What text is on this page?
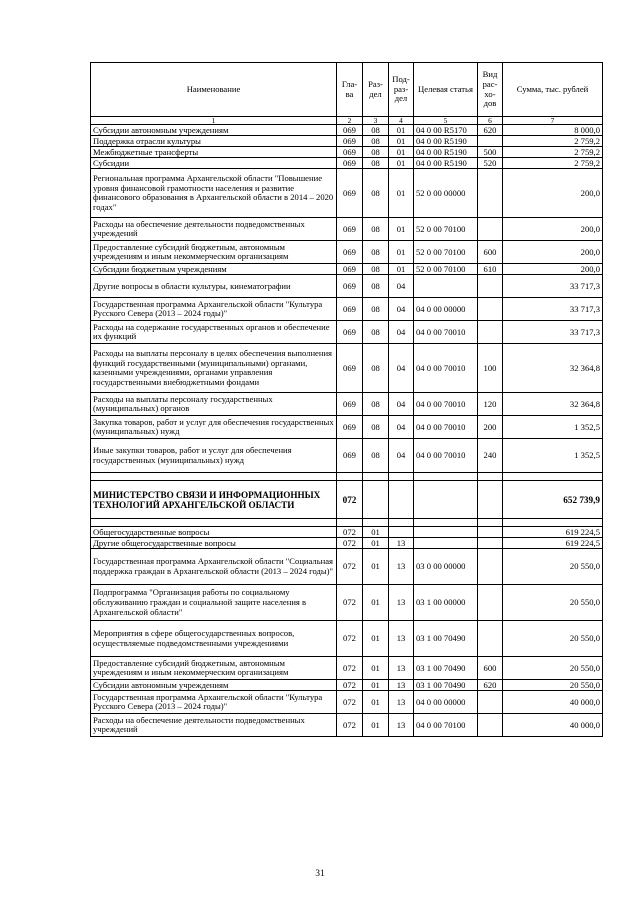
Наименование	Гла-ва	Раз-дел	Под-раз-дел	Целевая статья	Вид рас-хо-дов	Сумма, тыс. рублей
1	2	3	4	5	6	7
Субсидии автономным учреждениям	069	08	01	04 0 00 R5170	620	8 000,0
Поддержка отрасли культуры	069	08	01	04 0 00 R5190		2 759,2
Межбюджетные трансферты	069	08	01	04 0 00 R5190	500	2 759,2
Субсидии	069	08	01	04 0 00 R5190	520	2 759,2
Региональная программа Архангельской области "Повышение уровня финансовой грамотности населения и развитие финансового образования в Архангельской области в 2014 – 2020 годах"	069	08	01	52 0 00 00000		200,0
Расходы на обеспечение деятельности подведомственных учреждений	069	08	01	52 0 00 70100		200,0
Предоставление субсидий бюджетным, автономным учреждениям и иным некоммерческим организациям	069	08	01	52 0 00 70100	600	200,0
Субсидии бюджетным учреждениям	069	08	01	52 0 00 70100	610	200,0
Другие вопросы в области культуры, кинематографии	069	08	04			33 717,3
Государственная программа Архангельской области "Культура Русского Севера (2013 – 2024 годы)"	069	08	04	04 0 00 00000		33 717,3
Расходы на содержание государственных органов и обеспечение их функций	069	08	04	04 0 00 70010		33 717,3
Расходы на выплаты персоналу в целях обеспечения выполнения функций государственными (муниципальными) органами, казенными учреждениями, органами управления государственными внебюджетными фондами	069	08	04	04 0 00 70010	100	32 364,8
Расходы на выплаты персоналу государственных (муниципальных) органов	069	08	04	04 0 00 70010	120	32 364,8
Закупка товаров, работ и услуг для обеспечения государственных (муниципальных) нужд	069	08	04	04 0 00 70010	200	1 352,5
Иные закупки товаров, работ и услуг для обеспечения государственных (муниципальных) нужд	069	08	04	04 0 00 70010	240	1 352,5

МИНИСТЕРСТВО СВЯЗИ И ИНФОРМАЦИОННЫХ ТЕХНОЛОГИЙ АРХАНГЕЛЬСКОЙ ОБЛАСТИ	072					652 739,9

Общегосударственные вопросы	072	01				619 224,5
Другие общегосударственные вопросы	072	01	13			619 224,5
Государственная программа Архангельской области "Социальная поддержка граждан в Архангельской области (2013 – 2024 годы)"	072	01	13	03 0 00 00000		20 550,0
Подпрограмма "Организация работы по социальному обслуживанию граждан и социальной защите населения в Архангельской области"	072	01	13	03 1 00 00000		20 550,0
Мероприятия в сфере общегосударственных вопросов, осуществляемые подведомственными учреждениями	072	01	13	03 1 00 70490		20 550,0
Предоставление субсидий бюджетным, автономным учреждениям и иным некоммерческим организациям	072	01	13	03 1 00 70490	600	20 550,0
Субсидии автономным учреждениям	072	01	13	03 1 00 70490	620	20 550,0
Государственная программа Архангельской области "Культура Русского Севера (2013 – 2024 годы)"	072	01	13	04 0 00 00000		40 000,0
Расходы на обеспечение деятельности подведомственных учреждений	072	01	13	04 0 00 70100		40 000,0
31
